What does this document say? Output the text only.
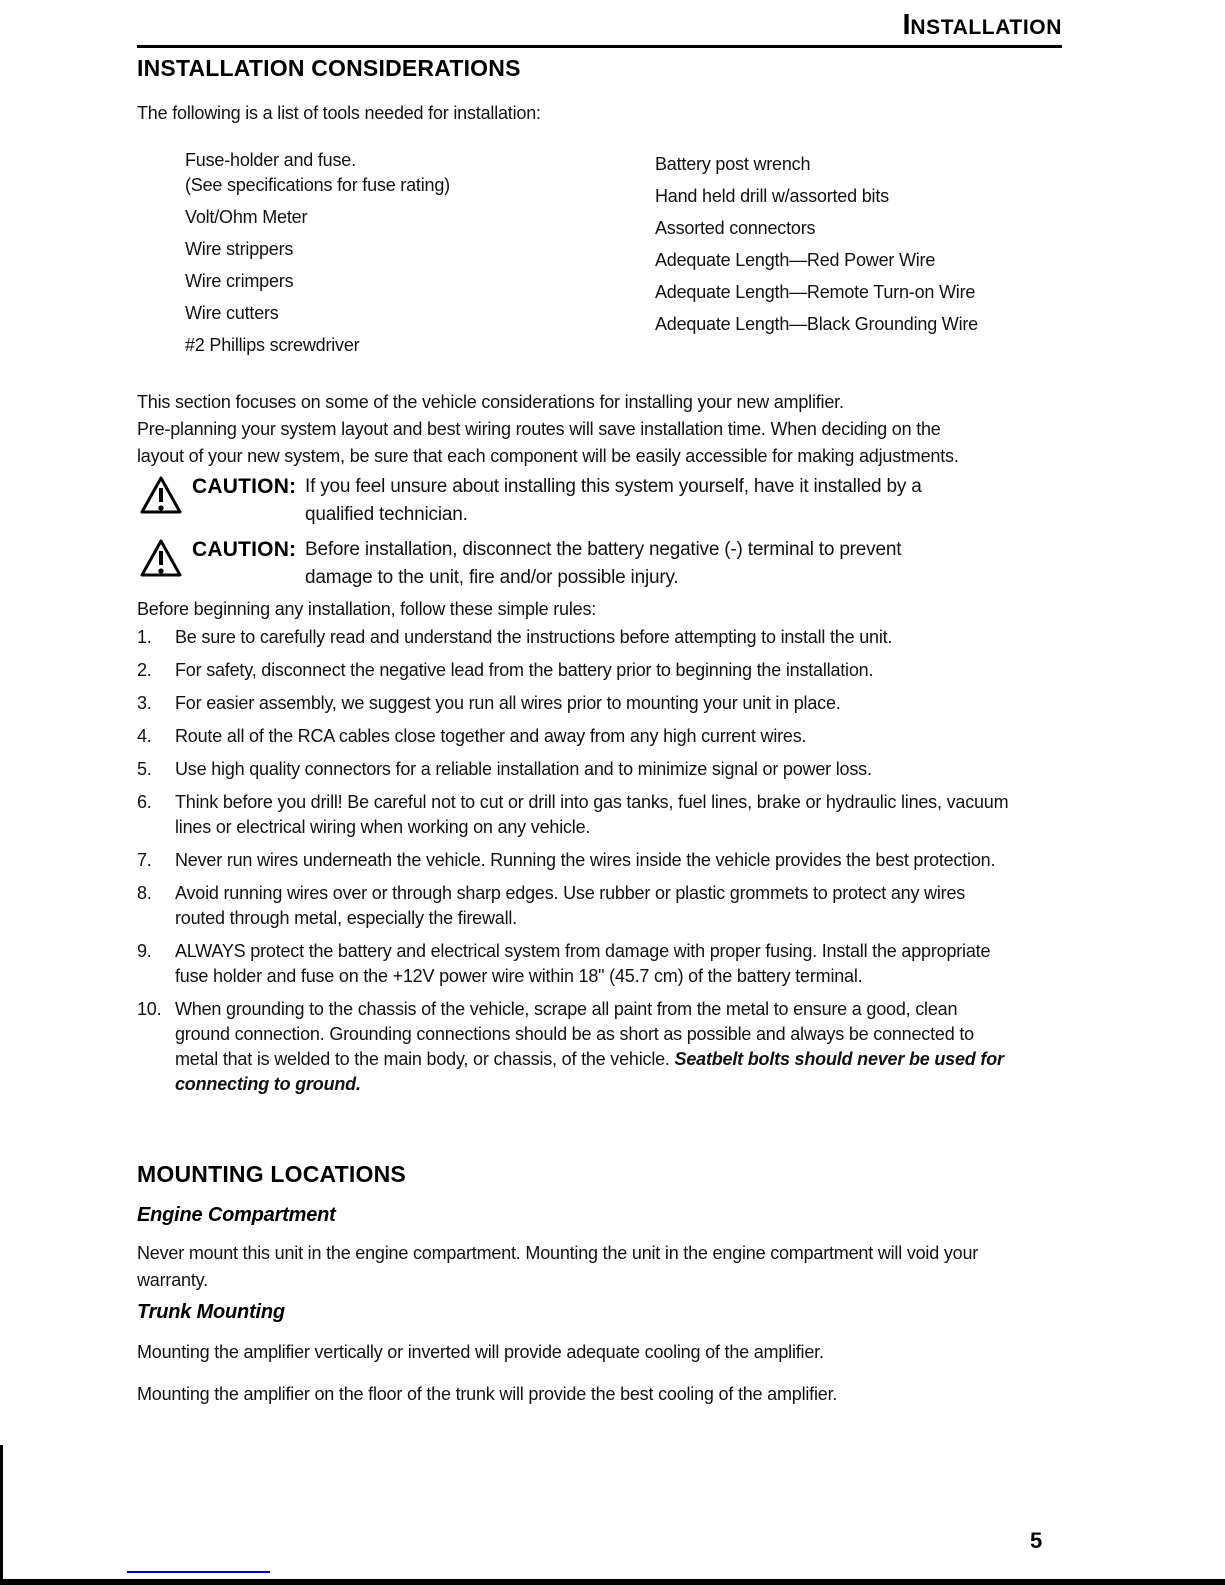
INSTALLATION
INSTALLATION CONSIDERATIONS
The following is a list of tools needed for installation:
Fuse-holder and fuse.
(See specifications for fuse rating)
Volt/Ohm Meter
Wire strippers
Wire crimpers
Wire cutters
#2 Phillips screwdriver
Battery post wrench
Hand held drill w/assorted bits
Assorted connectors
Adequate Length—Red Power Wire
Adequate Length—Remote Turn-on Wire
Adequate Length—Black Grounding Wire
This section focuses on some of the vehicle considerations for installing your new amplifier.
Pre-planning your system layout and best wiring routes will save installation time. When deciding on the
layout of your new system, be sure that each component will be easily accessible for making adjustments.
CAUTION: If you feel unsure about installing this system yourself, have it installed by a
qualified technician.
CAUTION: Before installation, disconnect the battery negative (-) terminal to prevent
damage to the unit, fire and/or possible injury.
Before beginning any installation, follow these simple rules:
1. Be sure to carefully read and understand the instructions before attempting to install the unit.
2. For safety, disconnect the negative lead from the battery prior to beginning the installation.
3. For easier assembly, we suggest you run all wires prior to mounting your unit in place.
4. Route all of the RCA cables close together and away from any high current wires.
5. Use high quality connectors for a reliable installation and to minimize signal or power loss.
6. Think before you drill! Be careful not to cut or drill into gas tanks, fuel lines, brake or hydraulic lines, vacuum lines or electrical wiring when working on any vehicle.
7. Never run wires underneath the vehicle. Running the wires inside the vehicle provides the best protection.
8. Avoid running wires over or through sharp edges. Use rubber or plastic grommets to protect any wires routed through metal, especially the firewall.
9. ALWAYS protect the battery and electrical system from damage with proper fusing. Install the appropriate fuse holder and fuse on the +12V power wire within 18" (45.7 cm) of the battery terminal.
10. When grounding to the chassis of the vehicle, scrape all paint from the metal to ensure a good, clean ground connection. Grounding connections should be as short as possible and always be connected to metal that is welded to the main body, or chassis, of the vehicle. Seatbelt bolts should never be used for connecting to ground.
MOUNTING LOCATIONS
Engine Compartment
Never mount this unit in the engine compartment. Mounting the unit in the engine compartment will void your warranty.
Trunk Mounting
Mounting the amplifier vertically or inverted will provide adequate cooling of the amplifier.
Mounting the amplifier on the floor of the trunk will provide the best cooling of the amplifier.
5
